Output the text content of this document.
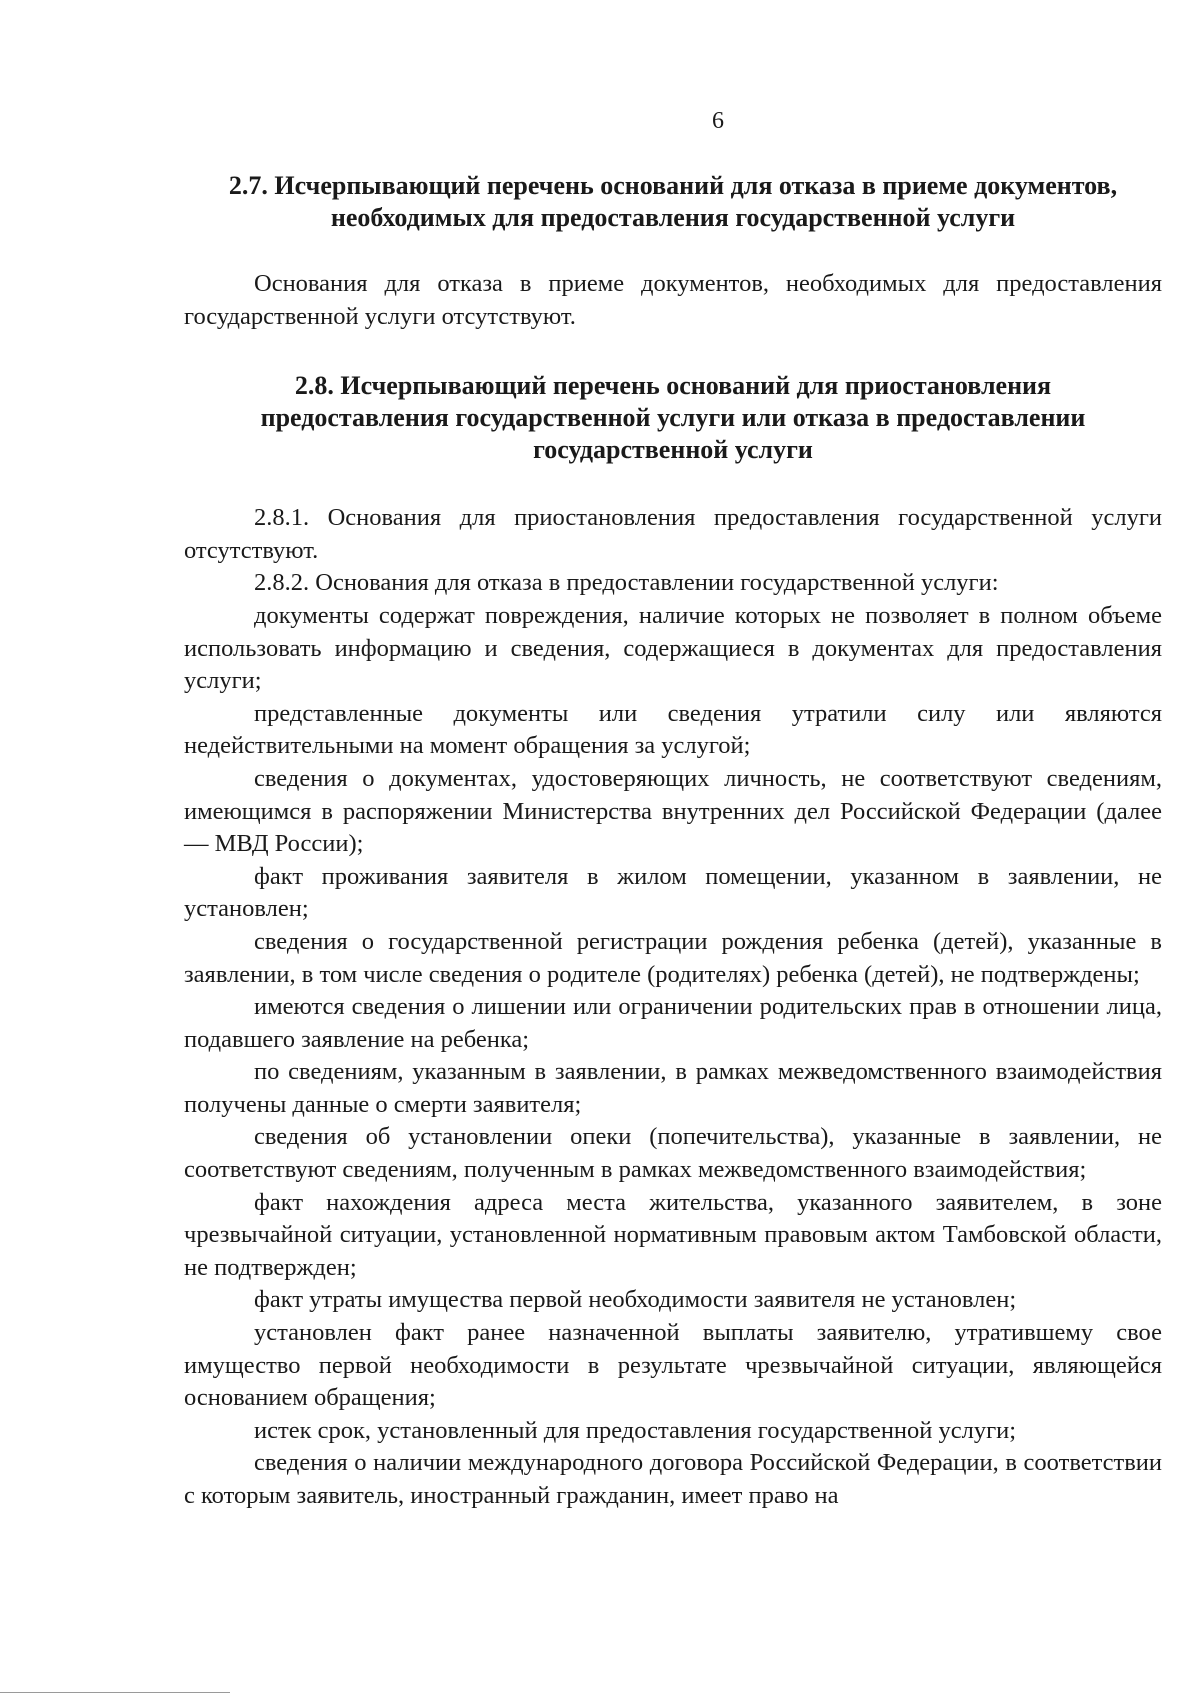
6
2.7. Исчерпывающий перечень оснований для отказа в приеме документов,
необходимых для предоставления государственной услуги

Основания для отказа в приеме документов, необходимых для предоставления государственной услуги отсутствуют.

2.8. Исчерпывающий перечень оснований для приостановления
предоставления государственной услуги или отказа в предоставлении
государственной услуги

2.8.1. Основания для приостановления предоставления государственной услуги отсутствуют.

2.8.2. Основания для отказа в предоставлении государственной услуги:

документы содержат повреждения, наличие которых не позволяет в полном объеме использовать информацию и сведения, содержащиеся в документах для предоставления услуги;

представленные документы или сведения утратили силу или являются недействительными на момент обращения за услугой;

сведения о документах, удостоверяющих личность, не соответствуют сведениям, имеющимся в распоряжении Министерства внутренних дел Российской Федерации (далее — МВД России);

факт проживания заявителя в жилом помещении, указанном в заявлении, не установлен;

сведения о государственной регистрации рождения ребенка (детей), указанные в заявлении, в том числе сведения о родителе (родителях) ребенка (детей), не подтверждены;

имеются сведения о лишении или ограничении родительских прав в отношении лица, подавшего заявление на ребенка;

по сведениям, указанным в заявлении, в рамках межведомственного взаимодействия получены данные о смерти заявителя;

сведения об установлении опеки (попечительства), указанные в заявлении, не соответствуют сведениям, полученным в рамках межведомственного взаимодействия;

факт нахождения адреса места жительства, указанного заявителем, в зоне чрезвычайной ситуации, установленной нормативным правовым актом Тамбовской области, не подтвержден;

факт утраты имущества первой необходимости заявителя не установлен;

установлен факт ранее назначенной выплаты заявителю, утратившему свое имущество первой необходимости в результате чрезвычайной ситуации, являющейся основанием обращения;

истек срок, установленный для предоставления государственной услуги;

сведения о наличии международного договора Российской Федерации, в соответствии с которым заявитель, иностранный гражданин, имеет право на
